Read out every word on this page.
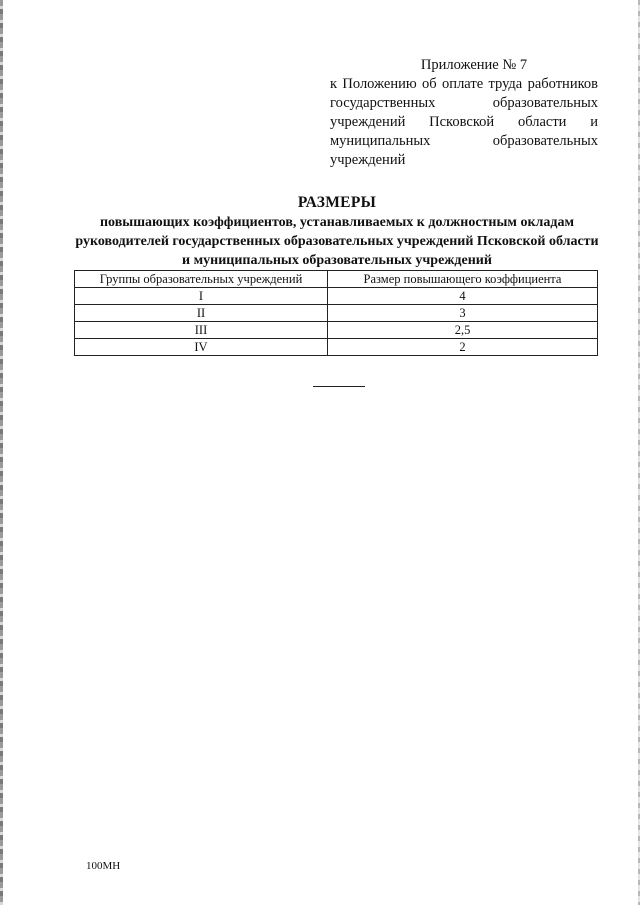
Приложение № 7

к Положению об оплате труда работников государственных образовательных учреждений Псковской области и муниципальных образовательных учреждений

РАЗМЕРЫ
повышающих коэффициентов, устанавливаемых к должностным окладам руководителей государственных образовательных учреждений Псковской области и муниципальных образовательных учреждений
Группы образовательных учреждений	Размер повышающего коэффициента
I	4
II	3
III	2,5
IV	2
100МН
